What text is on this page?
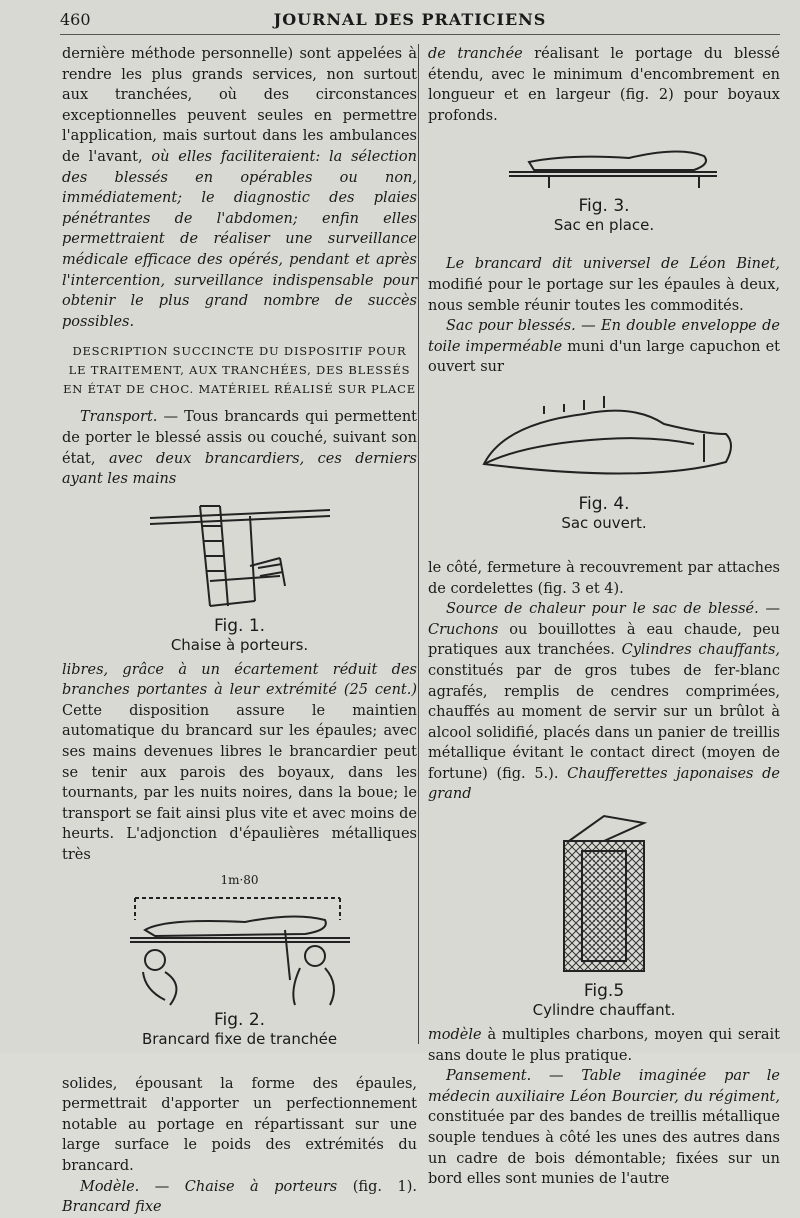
460	JOURNAL DES PRATICIENS

dernière méthode personnelle) sont appelées à rendre les plus grands services, non surtout aux tranchées, où des circonstances exceptionnelles peuvent seules en permettre l'application, mais surtout dans les ambulances de l'avant, où elles faciliteraient: la sélection des blessés en opérables ou non, immédiatement; le diagnostic des plaies pénétrantes de l'abdomen; enfin elles permettraient de réaliser une surveillance médicale efficace des opérés, pendant et après l'intercention, surveillance indispensable pour obtenir le plus grand nombre de succès possibles.

DESCRIPTION SUCCINCTE DU DISPOSITIF POUR LE TRAITEMENT, AUX TRANCHÉES, DES BLESSÉS EN ÉTAT DE CHOC. MATÉRIEL RÉALISÉ SUR PLACE

Transport. — Tous brancards qui permettent de porter le blessé assis ou couché, suivant son état, avec deux brancardiers, ces derniers ayant les mains

Fig. 1.
Chaise à porteurs.

libres, grâce à un écartement réduit des branches portantes à leur extrémité (25 cent.) Cette disposition assure le maintien automatique du brancard sur les épaules; avec ses mains devenues libres le brancardier peut se tenir aux parois des boyaux, dans les tournants, par les nuits noires, dans la boue; le transport se fait ainsi plus vite et avec moins de heurts. L'adjonction d'épaulières métalliques très

1m·80
Fig. 2.
Brancard fixe de tranchée

solides, épousant la forme des épaules, permettrait d'apporter un perfectionnement notable au portage en répartissant sur une large surface le poids des extrémités du brancard.

Modèle. — Chaise à porteurs (fig. 1). Brancard fixe

de tranchée réalisant le portage du blessé étendu, avec le minimum d'encombrement en longueur et en largeur (fig. 2) pour boyaux profonds.

Fig. 3.
Sac en place.

Le brancard dit universel de Léon Binet, modifié pour le portage sur les épaules à deux, nous semble réunir toutes les commodités.

Sac pour blessés. — En double enveloppe de toile imperméable muni d'un large capuchon et ouvert sur

Fig. 4.
Sac ouvert.

le côté, fermeture à recouvrement par attaches de cordelettes (fig. 3 et 4).

Source de chaleur pour le sac de blessé. — Cruchons ou bouillottes à eau chaude, peu pratiques aux tranchées. Cylindres chauffants, constitués par de gros tubes de fer-blanc agrafés, remplis de cendres comprimées, chauffés au moment de servir sur un brûlot à alcool solidifié, placés dans un panier de treillis métallique évitant le contact direct (moyen de fortune) (fig. 5.). Chaufferettes japonaises de grand

Fig.5
Cylindre chauffant.

modèle à multiples charbons, moyen qui serait sans doute le plus pratique.

Pansement. — Table imaginée par le médecin auxiliaire Léon Bourcier, du régiment, constituée par des bandes de treillis métallique souple tendues à côté les unes des autres dans un cadre de bois démontable; fixées sur un bord elles sont munies de l'autre
